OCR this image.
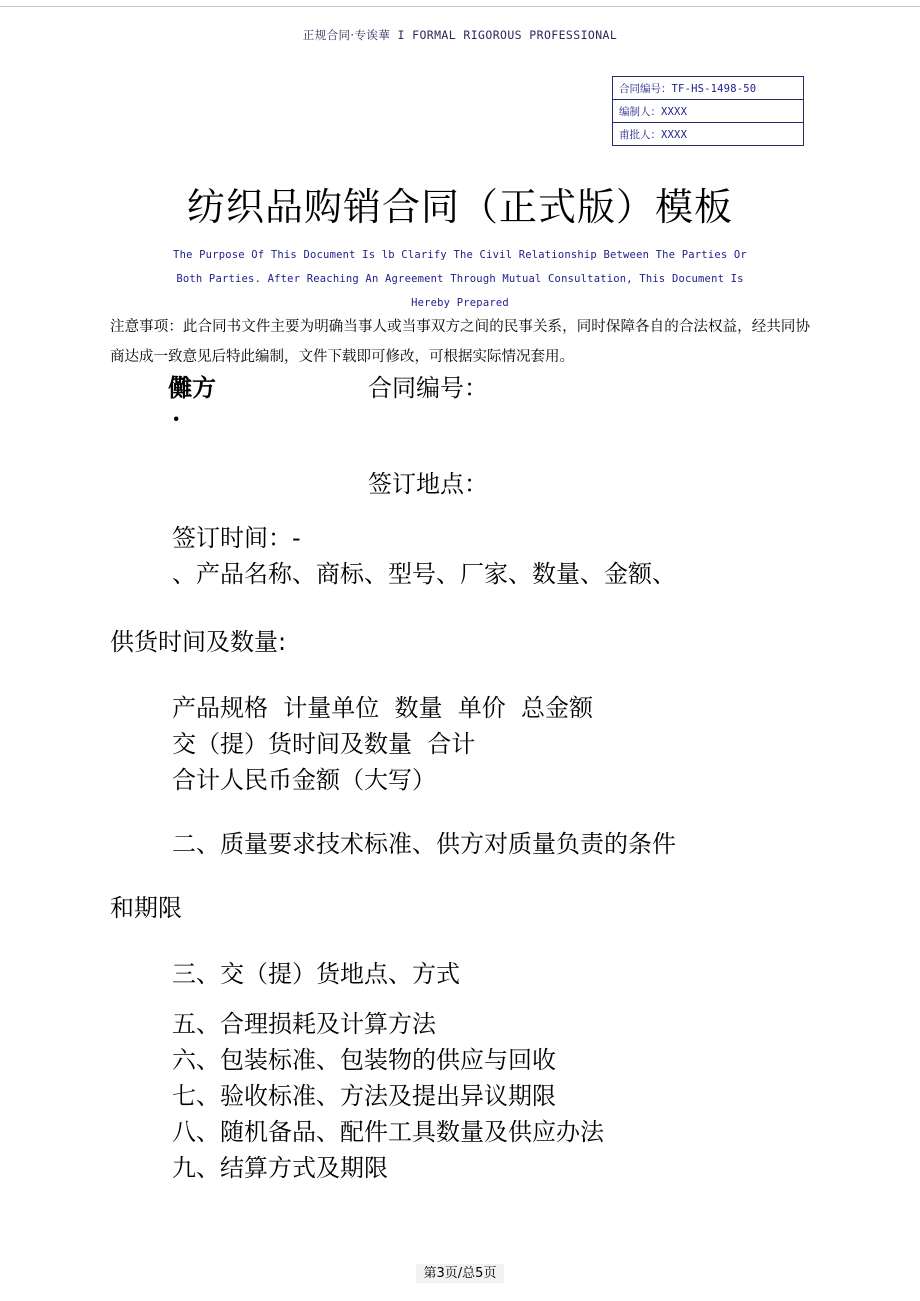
正规合同·专诶華 I FORMAL RIGOROUS PROFESSIONAL
合同编号：TF-HS-1498-50
编制人：XXXX
甫批人：XXXX
纺织品购销合同（正式版）模板
The Purpose Of This Document Is lb Clarify The Civil Relationship Between The Parties Or Both Parties. After Reaching An Agreement Through Mutual Consultation, This Document Is Hereby Prepared
注意事项：此合同书文件主要为明确当事人或当事双方之间的民事关系，同时保障各自的合法权益，经共同协商达成一致意见后特此编制，文件下载即可修改，可根据实际情况套用。
儺方	合同编号：
·
签订地点：
签订时间：-
、产品名称、商标、型号、厂家、数量、金额、
供货时间及数量:
产品规格  计量单位  数量  单价  总金额
交（提）货时间及数量  合计
合计人民币金额（大写）
二、质量要求技术标准、供方对质量负责的条件
和期限
三、交（提）货地点、方式
五、合理损耗及计算方法
六、包装标准、包装物的供应与回收
七、验收标准、方法及提出异议期限
八、随机备品、配件工具数量及供应办法
九、结算方式及期限
第3页/总5页
